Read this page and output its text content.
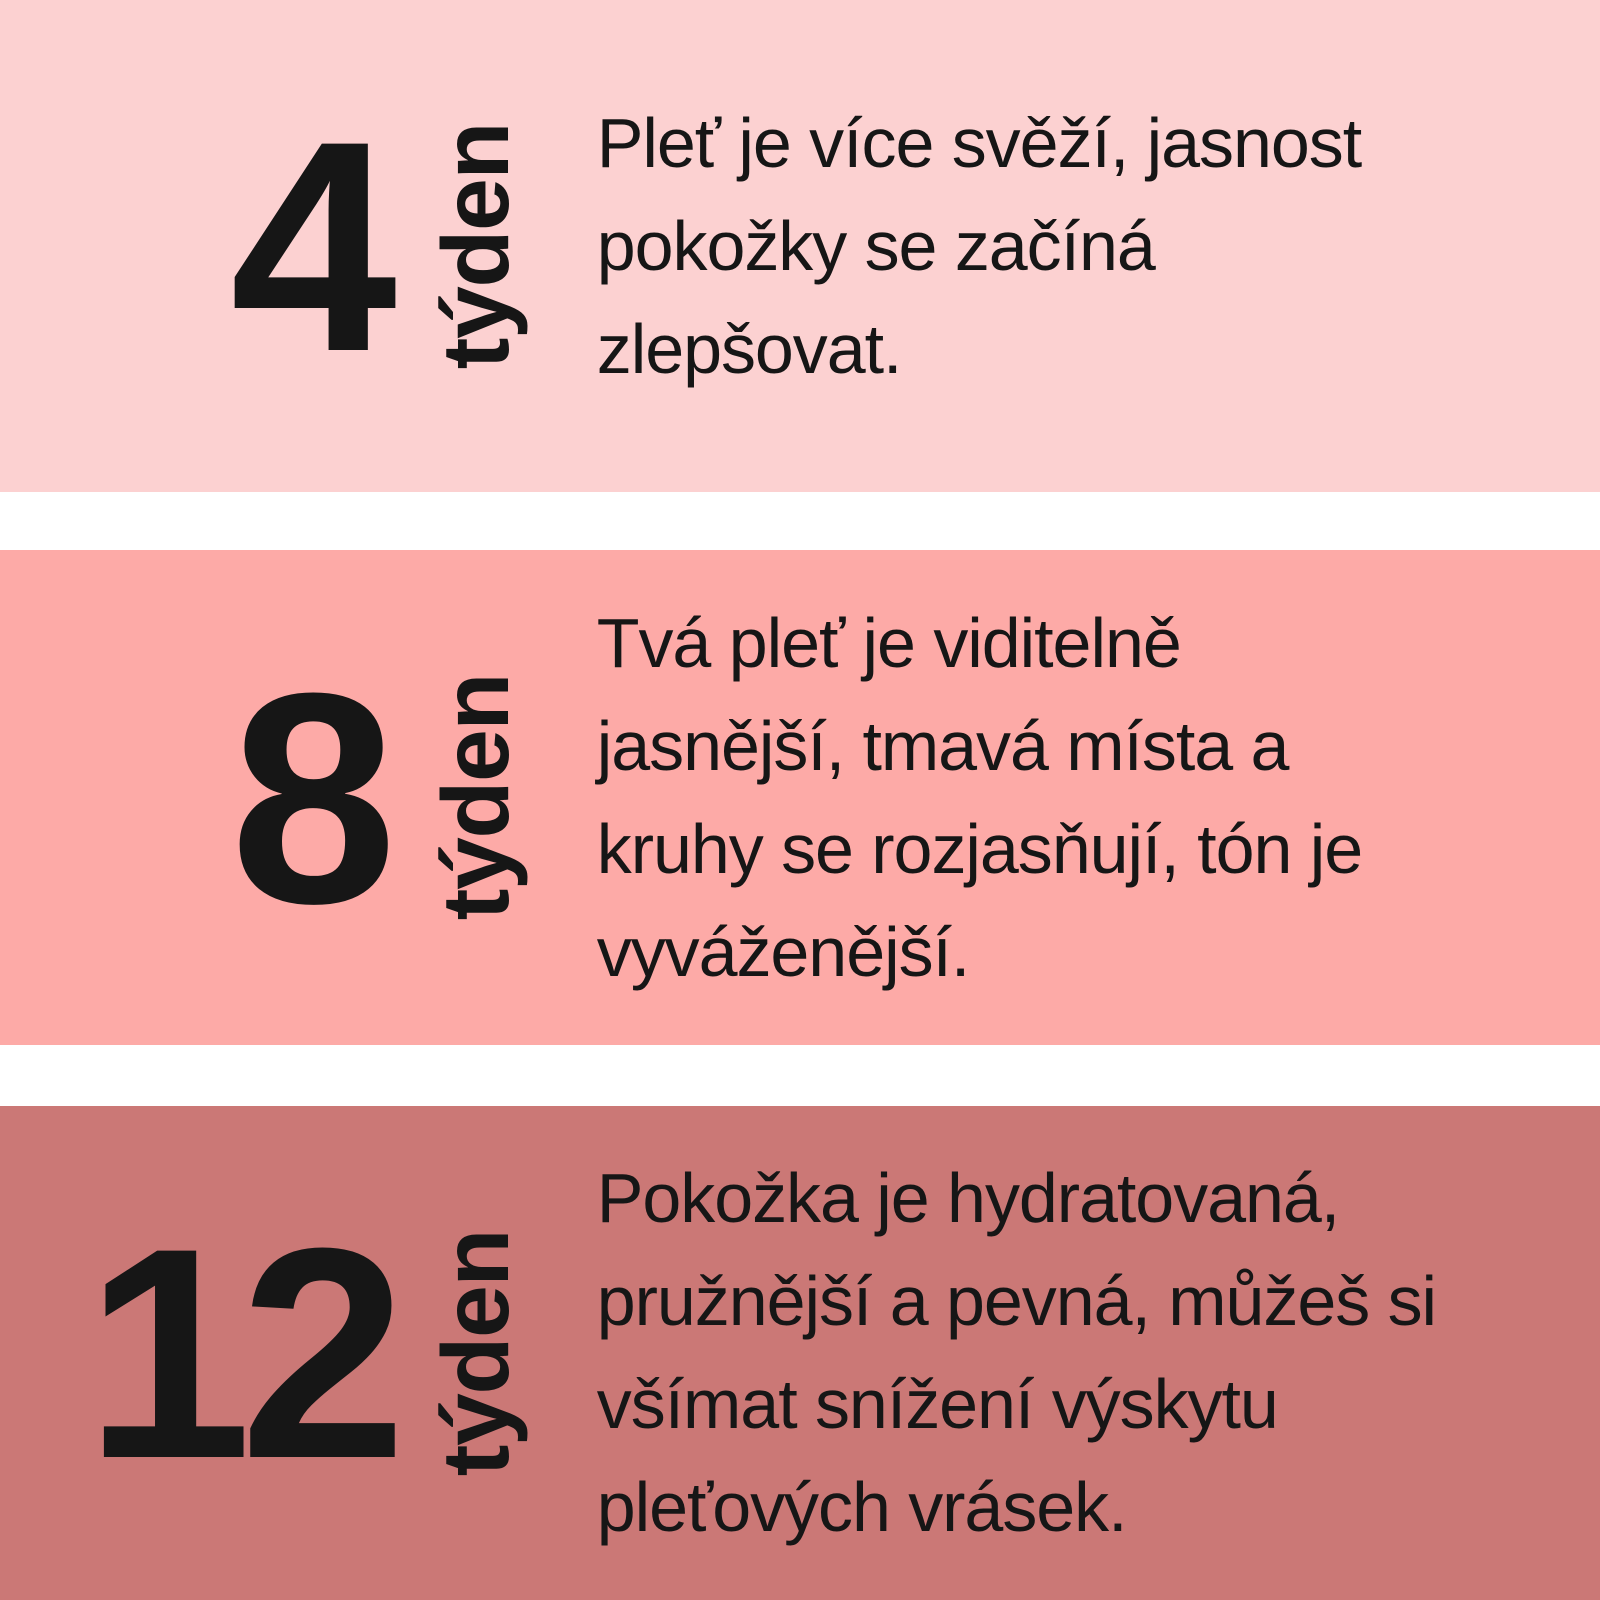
4 týden Pleť je více svěží, jasnost
pokožky se začíná
zlepšovat.
8 týden
Tvá pleť je viditelně
jasnější, tmavá místa a
kruhy se rozjasňují, tón je
vyváženější.
12 týden
Pokožka je hydratovaná,
pružnější a pevná, můžeš si
všímat snížení výskytu
pleťových vrásek.
